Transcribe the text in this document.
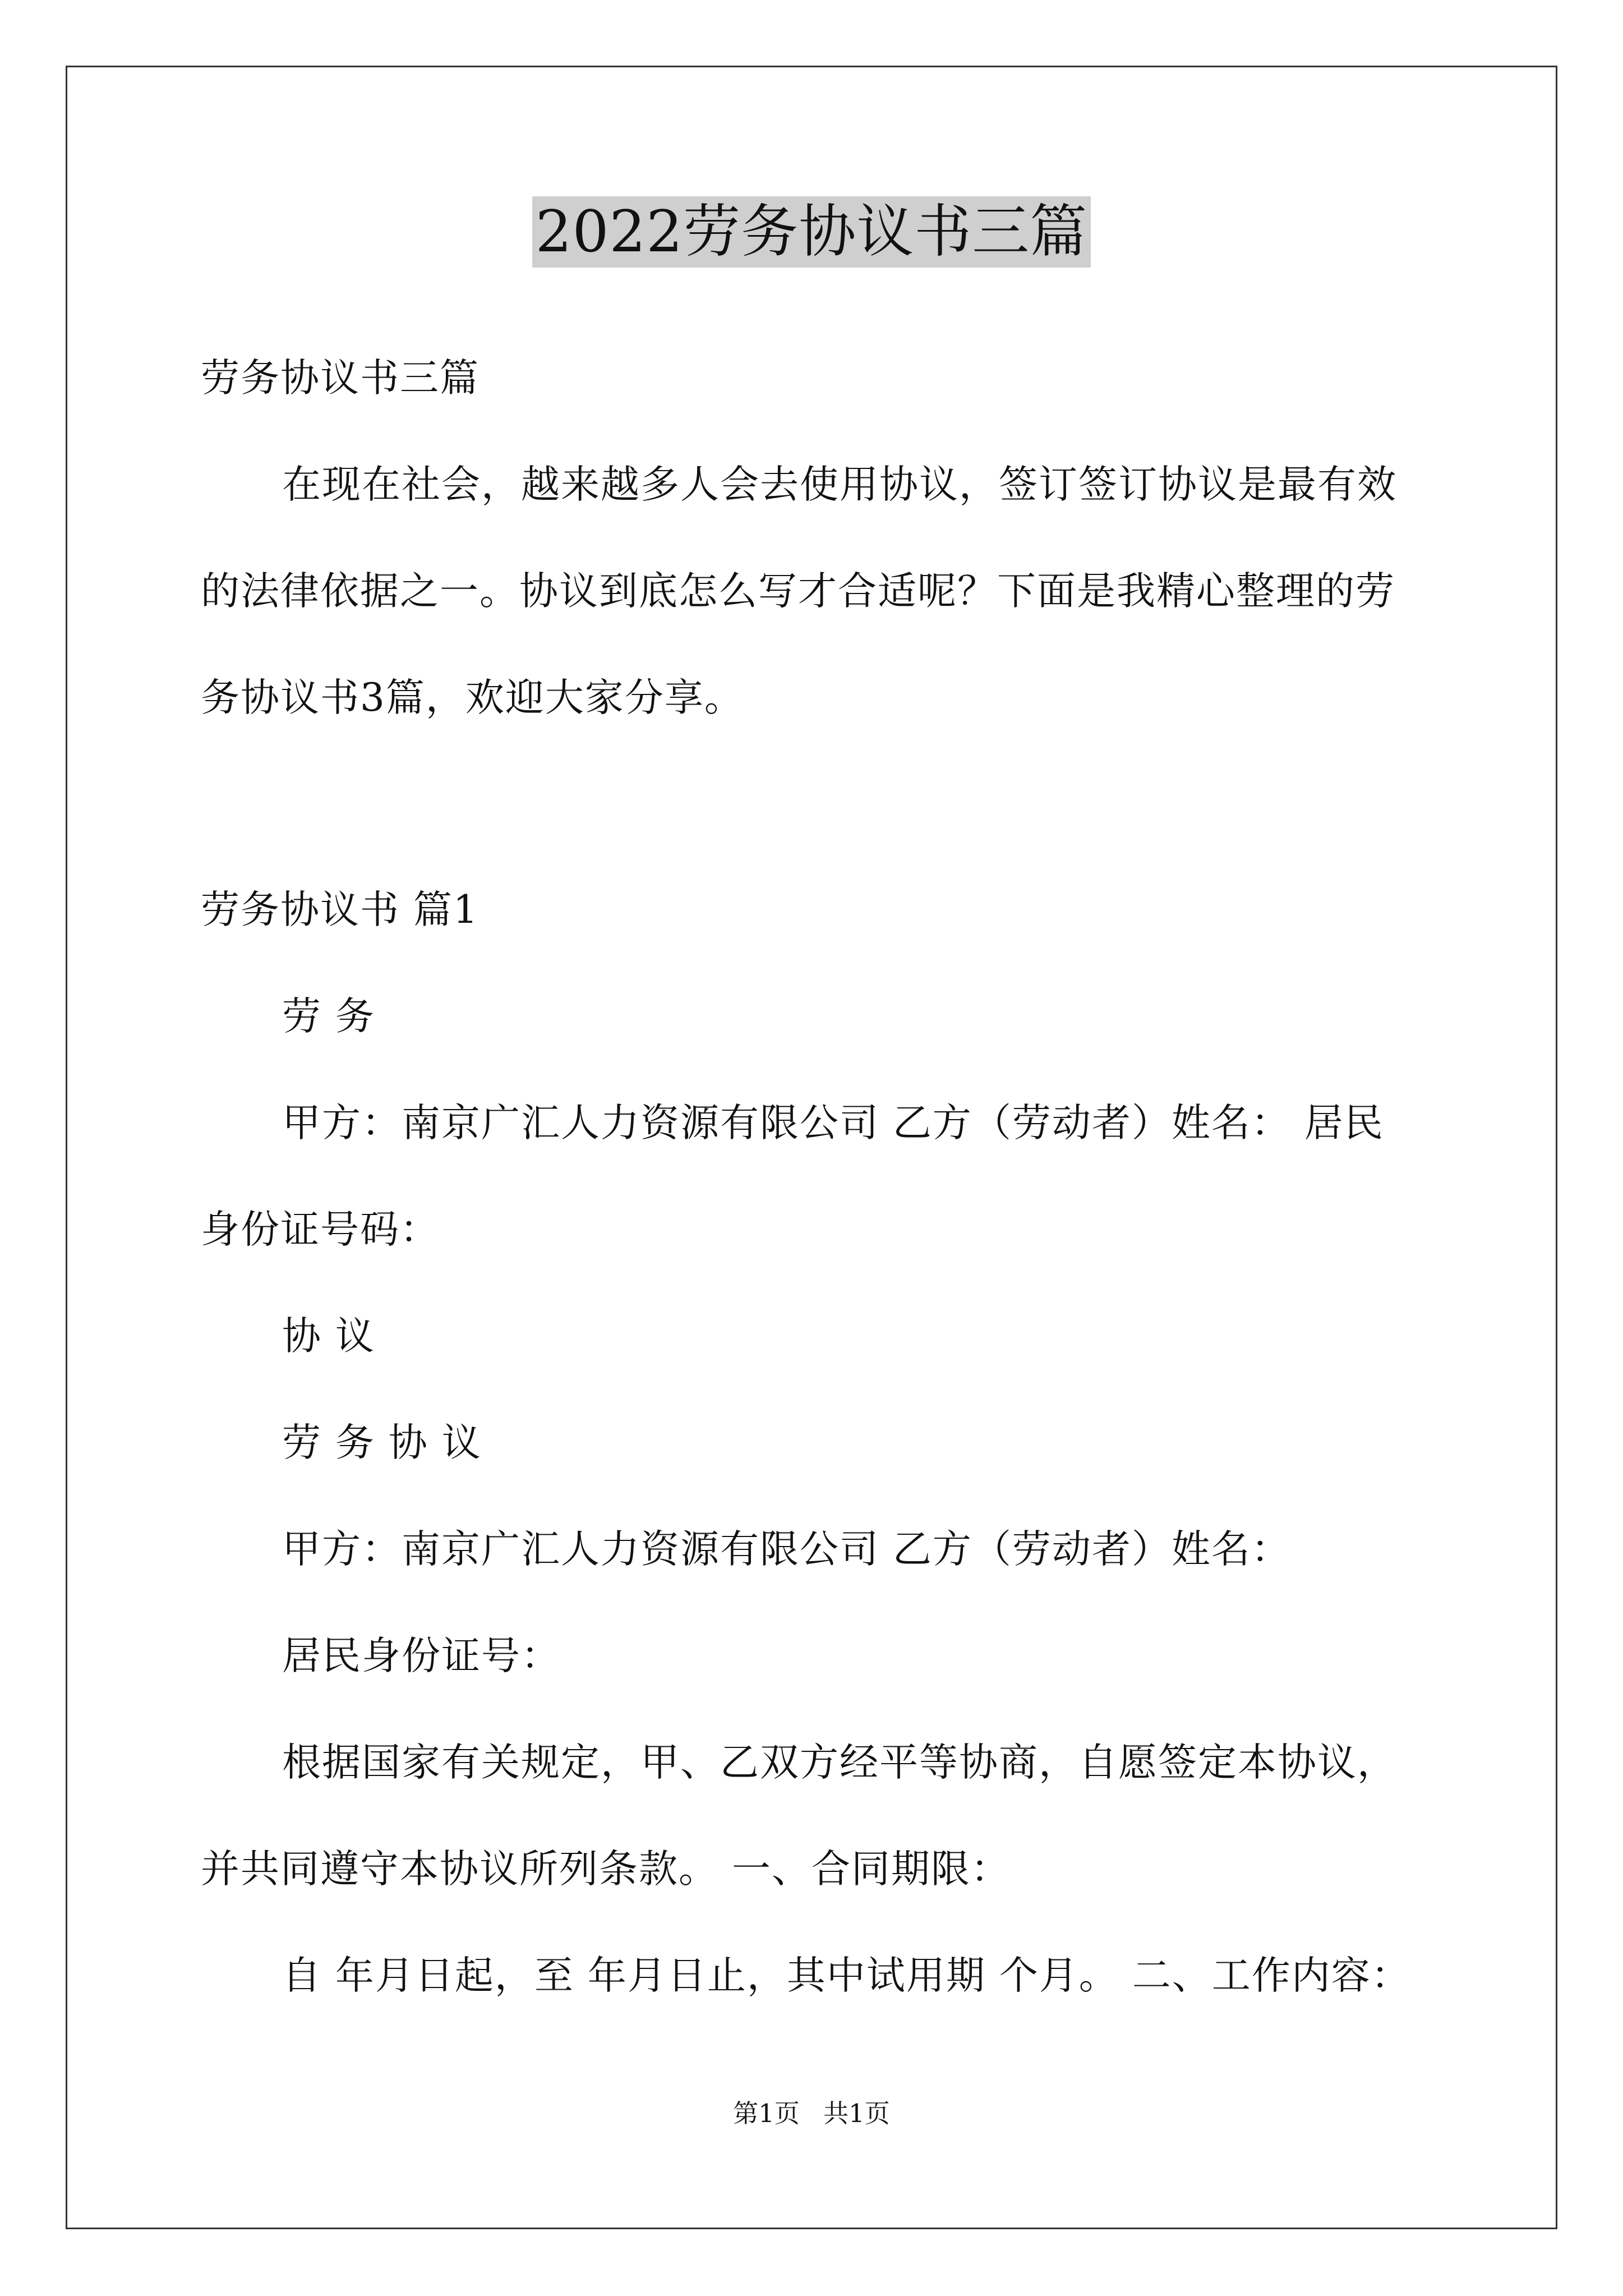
2022劳务协议书三篇
劳务协议书三篇
在现在社会，越来越多人会去使用协议，签订签订协议是最有效
的法律依据之一。协议到底怎么写才合适呢？下面是我精心整理的劳
务协议书3篇，欢迎大家分享。
劳务协议书 篇1
劳 务
甲方：南京广汇人力资源有限公司 乙方（劳动者）姓名： 居民
身份证号码：
协 议
劳 务 协 议
甲方：南京广汇人力资源有限公司 乙方（劳动者）姓名：
居民身份证号：
根据国家有关规定，甲、乙双方经平等协商，自愿签定本协议，
并共同遵守本协议所列条款。 一、合同期限：
自 年月日起，至 年月日止，其中试用期 个月。 二、工作内容：
第1页 共1页
